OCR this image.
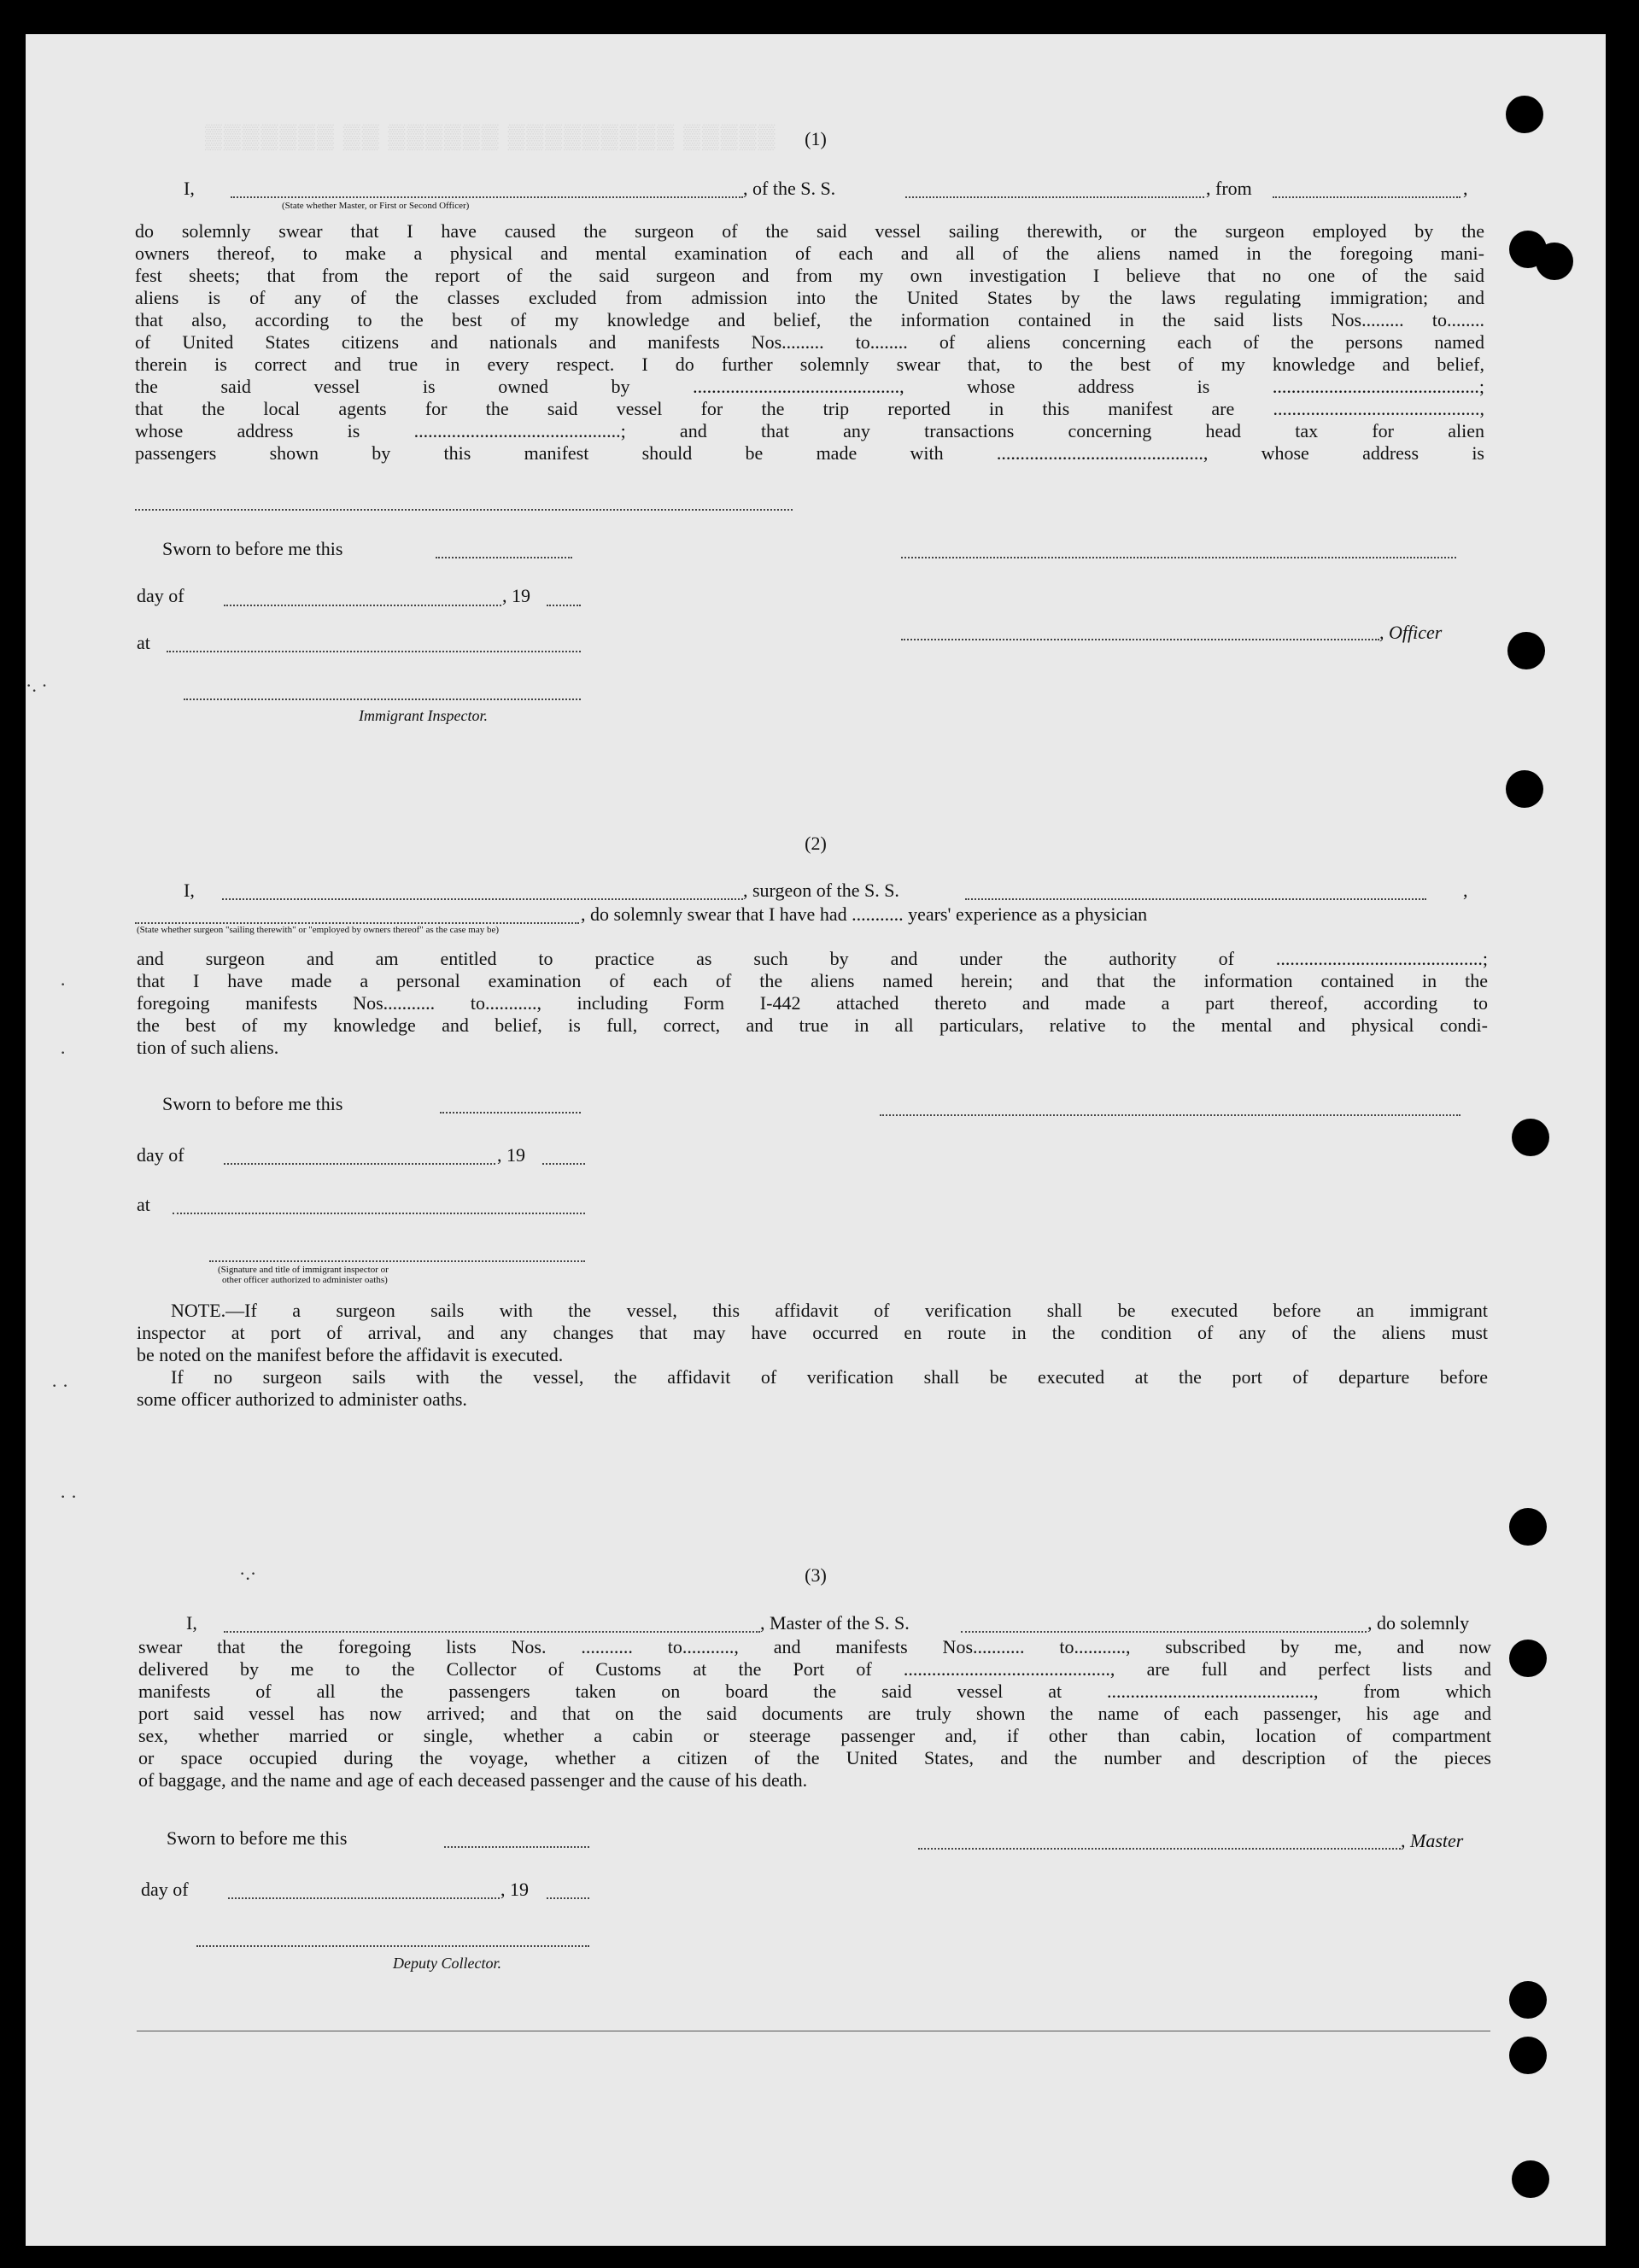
▒▒▒▒▒▒▒ ▒▒ ▒▒▒▒▒▒ ▒▒▒▒▒▒▒▒▒ ▒▒▒▒▒	(1)
I,	, of the S. S.	, from	,
(State whether Master, or First or Second Officer)
do solemnly swear that I have caused the surgeon of the said vessel sailing therewith, or the surgeon employed by the
owners thereof, to make a physical and mental examination of each and all of the aliens named in the foregoing mani-
fest sheets; that from the report of the said surgeon and from my own investigation I believe that no one of the said
aliens is of any of the classes excluded from admission into the United States by the laws regulating immigration; and
that also, according to the best of my knowledge and belief, the information contained in the said lists Nos......... to........
of United States citizens and nationals and manifests Nos......... to........ of aliens concerning each of the persons named
therein is correct and true in every respect. I do further solemnly swear that, to the best of my knowledge and belief,
the said vessel is owned by ............................................, whose address is ............................................;
that the local agents for the said vessel for the trip reported in this manifest are ............................................,
whose address is ............................................; and that any transactions concerning head tax for alien
passengers shown by this manifest should be made with ............................................, whose address is
Sworn to before me this
day of	, 19
, Officer
at
Immigrant Inspector.
·. ·
(2)
I,	, surgeon of the S. S.	,
, do solemnly swear that I have had ........... years' experience as a physician
(State whether surgeon "sailing therewith" or "employed by owners thereof" as the case may be)
and surgeon and am entitled to practice as such by and under the authority of ............................................;
that I have made a personal examination of each of the aliens named herein; and that the information contained in the
foregoing manifests Nos........... to..........., including Form I-442 attached thereto and made a part thereof, according to
the best of my knowledge and belief, is full, correct, and true in all particulars, relative to the mental and physical condi-
tion of such aliens.
Sworn to before me this
day of	, 19
at
(Signature and title of immigrant inspector or
other officer authorized to administer oaths)
NOTE.—If a surgeon sails with the vessel, this affidavit of verification shall be executed before an immigrant
inspector at port of arrival, and any changes that may have occurred en route in the condition of any of the aliens must
be noted on the manifest before the affidavit is executed.
If no surgeon sails with the vessel, the affidavit of verification shall be executed at the port of departure before
some officer authorized to administer oaths.
·
·
· ·
· ·
·.·	(3)
I,	, Master of the S. S.	, do solemnly
swear that the foregoing lists Nos. ........... to..........., and manifests Nos........... to..........., subscribed by me, and now
delivered by me to the Collector of Customs at the Port of ............................................, are full and perfect lists and
manifests of all the passengers taken on board the said vessel at ............................................, from which
port said vessel has now arrived; and that on the said documents are truly shown the name of each passenger, his age and
sex, whether married or single, whether a cabin or steerage passenger and, if other than cabin, location of compartment
or space occupied during the voyage, whether a citizen of the United States, and the number and description of the pieces
of baggage, and the name and age of each deceased passenger and the cause of his death.
Sworn to before me this	, Master
day of	, 19
Deputy Collector.
